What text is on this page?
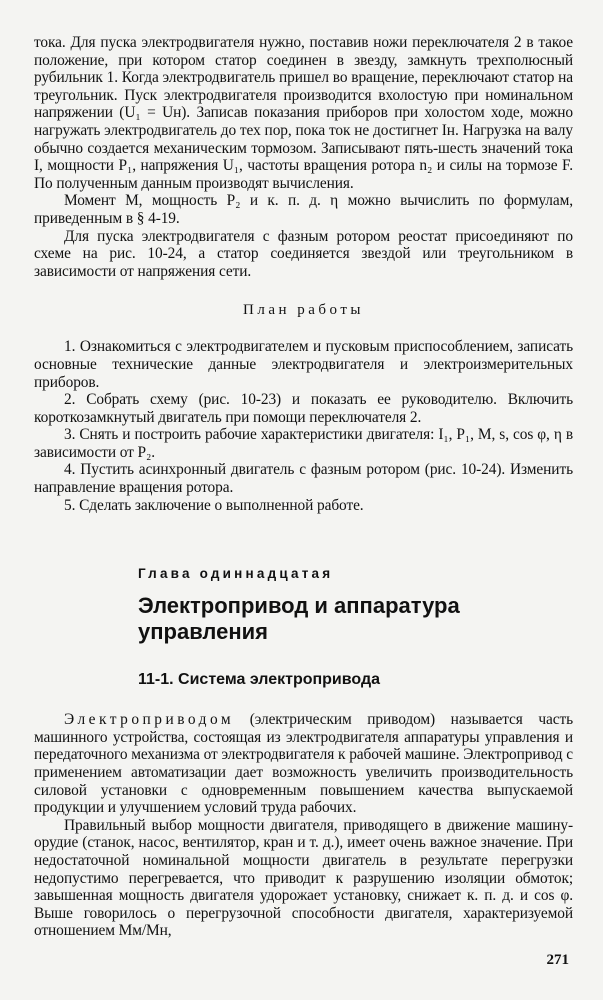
тока. Для пуска электродвигателя нужно, поставив ножи переключателя 2 в такое положение, при котором статор соединен в звезду, замкнуть трехполюсный рубильник 1. Когда электродвигатель пришел во вращение, переключают статор на треугольник. Пуск электродвигателя производится вхолостую при номинальном напряжении (U₁ = Uн). Записав показания приборов при холостом ходе, можно нагружать электродвигатель до тех пор, пока ток не достигнет Iн. Нагрузка на валу обычно создается механическим тормозом. Записывают пять-шесть значений тока I, мощности P₁, напряжения U₁, частоты вращения ротора n₂ и силы на тормозе F. По полученным данным производят вычисления.

Момент M, мощность P₂ и к. п. д. η можно вычислить по формулам, приведенным в § 4-19.

Для пуска электродвигателя с фазным ротором реостат присоединяют по схеме на рис. 10-24, а статор соединяется звездой или треугольником в зависимости от напряжения сети.

План работы

1. Ознакомиться с электродвигателем и пусковым приспособлением, записать основные технические данные электродвигателя и электроизмерительных приборов.

2. Собрать схему (рис. 10-23) и показать ее руководителю. Включить короткозамкнутый двигатель при помощи переключателя 2.

3. Снять и построить рабочие характеристики двигателя: I₁, P₁, M, s, cos φ, η в зависимости от P₂.

4. Пустить асинхронный двигатель с фазным ротором (рис. 10-24). Изменить направление вращения ротора.

5. Сделать заключение о выполненной работе.

Глава одиннадцатая
Электропривод и аппаратура управления
11-1. Система электропривода

Электроприводом (электрическим приводом) называется часть машинного устройства, состоящая из электродвигателя аппаратуры управления и передаточного механизма от электродвигателя к рабочей машине. Электропривод с применением автоматизации дает возможность увеличить производительность силовой установки с одновременным повышением качества выпускаемой продукции и улучшением условий труда рабочих.

Правильный выбор мощности двигателя, приводящего в движение машину-орудие (станок, насос, вентилятор, кран и т. д.), имеет очень важное значение. При недостаточной номинальной мощности двигатель в результате перегрузки недопустимо перегревается, что приводит к разрушению изоляции обмоток; завышенная мощность двигателя удорожает установку, снижает к. п. д. и cos φ. Выше говорилось о перегрузочной способности двигателя, характеризуемой отношением Mм/Mн,

271
